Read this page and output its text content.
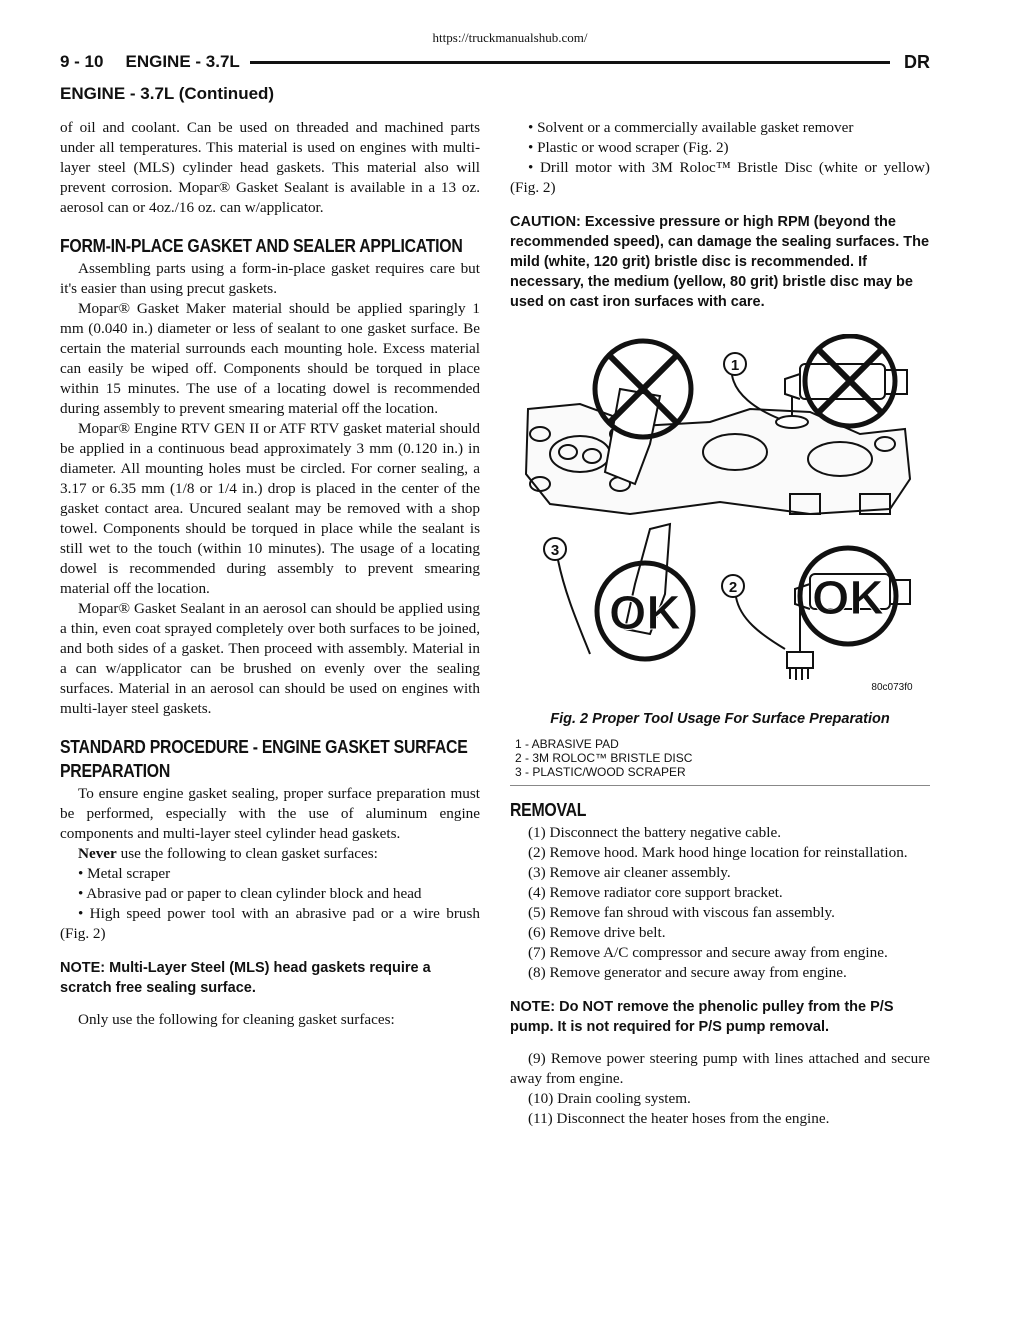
https://truckmanualshub.com/
9 - 10 ENGINE - 3.7L	DR
ENGINE - 3.7L (Continued)

of oil and coolant. Can be used on threaded and machined parts under all temperatures. This material is used on engines with multi-layer steel (MLS) cylinder head gaskets. This material also will prevent corrosion. Mopar® Gasket Sealant is available in a 13 oz. aerosol can or 4oz./16 oz. can w/applicator.

FORM-IN-PLACE GASKET AND SEALER APPLICATION

Assembling parts using a form-in-place gasket requires care but it's easier than using precut gaskets.

Mopar® Gasket Maker material should be applied sparingly 1 mm (0.040 in.) diameter or less of sealant to one gasket surface. Be certain the material surrounds each mounting hole. Excess material can easily be wiped off. Components should be torqued in place within 15 minutes. The use of a locating dowel is recommended during assembly to prevent smearing material off the location.

Mopar® Engine RTV GEN II or ATF RTV gasket material should be applied in a continuous bead approximately 3 mm (0.120 in.) in diameter. All mounting holes must be circled. For corner sealing, a 3.17 or 6.35 mm (1/8 or 1/4 in.) drop is placed in the center of the gasket contact area. Uncured sealant may be removed with a shop towel. Components should be torqued in place while the sealant is still wet to the touch (within 10 minutes). The usage of a locating dowel is recommended during assembly to prevent smearing material off the location.

Mopar® Gasket Sealant in an aerosol can should be applied using a thin, even coat sprayed completely over both surfaces to be joined, and both sides of a gasket. Then proceed with assembly. Material in a can w/applicator can be brushed on evenly over the sealing surfaces. Material in an aerosol can should be used on engines with multi-layer steel gaskets.

STANDARD PROCEDURE - ENGINE GASKET SURFACE PREPARATION

To ensure engine gasket sealing, proper surface preparation must be performed, especially with the use of aluminum engine components and multi-layer steel cylinder head gaskets.

Never use the following to clean gasket surfaces:

• Metal scraper

• Abrasive pad or paper to clean cylinder block and head

• High speed power tool with an abrasive pad or a wire brush (Fig. 2)

NOTE: Multi-Layer Steel (MLS) head gaskets require a scratch free sealing surface.

Only use the following for cleaning gasket surfaces:

• Solvent or a commercially available gasket remover

• Plastic or wood scraper (Fig. 2)

• Drill motor with 3M Roloc™ Bristle Disc (white or yellow) (Fig. 2)

CAUTION: Excessive pressure or high RPM (beyond the recommended speed), can damage the sealing surfaces. The mild (white, 120 grit) bristle disc is recommended. If necessary, the medium (yellow, 80 grit) bristle disc may be used on cast iron surfaces with care.
1
2
3
OK	OK
80c073f0
Fig. 2 Proper Tool Usage For Surface Preparation
1 - ABRASIVE PAD
2 - 3M ROLOC™ BRISTLE DISC
3 - PLASTIC/WOOD SCRAPER
REMOVAL

(1) Disconnect the battery negative cable.

(2) Remove hood. Mark hood hinge location for reinstallation.

(3) Remove air cleaner assembly.

(4) Remove radiator core support bracket.

(5) Remove fan shroud with viscous fan assembly.

(6) Remove drive belt.

(7) Remove A/C compressor and secure away from engine.

(8) Remove generator and secure away from engine.

NOTE: Do NOT remove the phenolic pulley from the P/S pump. It is not required for P/S pump removal.

(9) Remove power steering pump with lines attached and secure away from engine.

(10) Drain cooling system.

(11) Disconnect the heater hoses from the engine.
